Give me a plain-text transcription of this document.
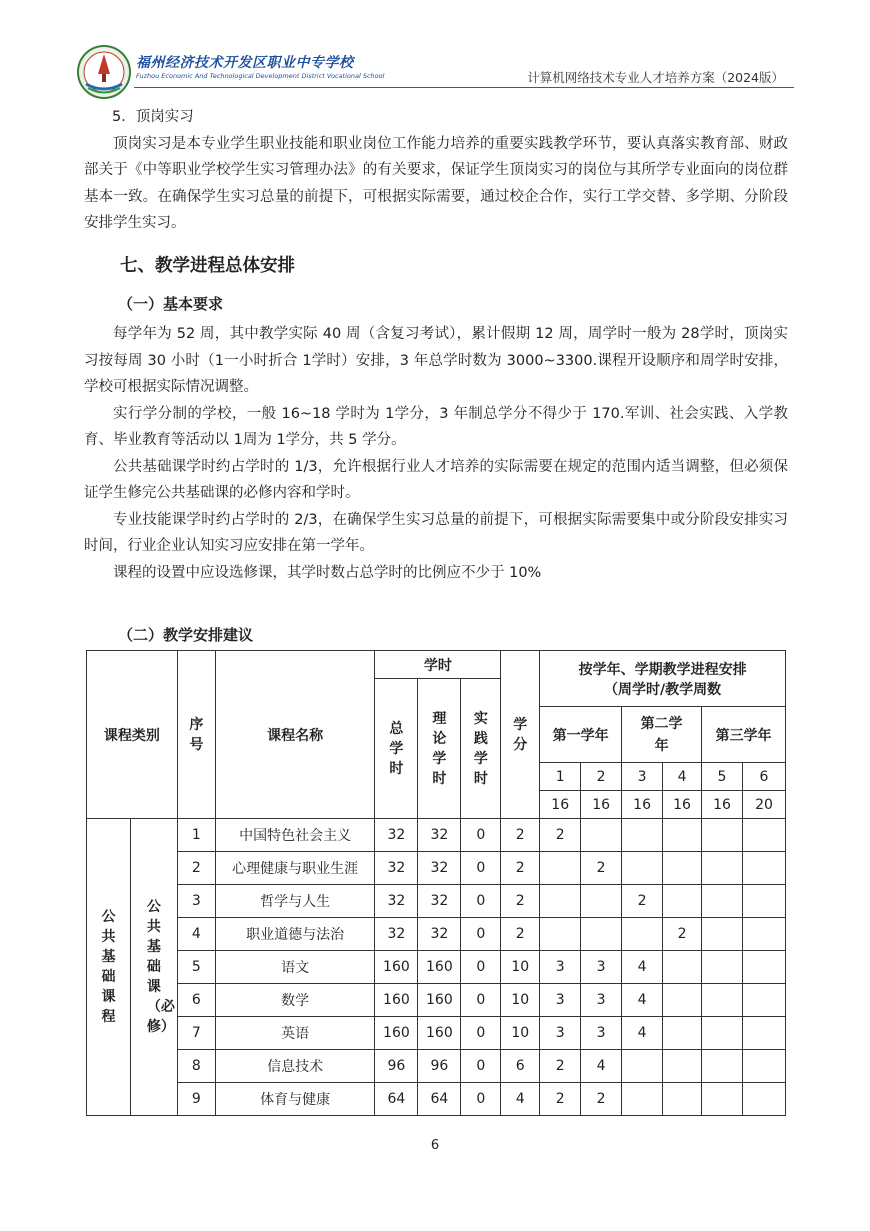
福州经济技术开发区职业中专学校
Fuzhou Economic And Technological Development District Vocational School	计算机网络技术专业人才培养方案（2024版）

5．顶岗实习

顶岗实习是本专业学生职业技能和职业岗位工作能力培养的重要实践教学环节，要认真落实教育部、财政部关于《中等职业学校学生实习管理办法》的有关要求，保证学生顶岗实习的岗位与其所学专业面向的岗位群基本一致。在确保学生实习总量的前提下，可根据实际需要，通过校企合作，实行工学交替、多学期、分阶段安排学生实习。

七、教学进程总体安排
（一）基本要求

每学年为 52 周，其中教学实际 40 周（含复习考试），累计假期 12 周，周学时一般为 28学时，顶岗实习按每周 30 小时（1一小时折合 1学时）安排，3 年总学时数为 3000~3300.课程开设顺序和周学时安排，学校可根据实际情况调整。

实行学分制的学校，一般 16~18 学时为 1学分，3 年制总学分不得少于 170.军训、社会实践、入学教育、毕业教育等活动以 1周为 1学分，共 5 学分。

公共基础课学时约占学时的 1/3，允许根据行业人才培养的实际需要在规定的范围内适当调整，但必须保证学生修完公共基础课的必修内容和学时。

专业技能课学时约占学时的 2/3，在确保学生实习总量的前提下，可根据实际需要集中或分阶段安排实习时间，行业企业认知实习应安排在第一学年。

课程的设置中应设选修课，其学时数占总学时的比例应不少于 10%

（二）教学安排建议
课程类别		序号	课程名称	学时			学分	按学年、学期教学进程安排
（周学时/教学周数					

				总学时	理论学时	实践学时							

								第一学年		第二学年		第三学年	
								1	2	3	4	5	6
								16	16	16	16	16	20

公共基础课程	公共基础课（必修）	1	中国特色社会主义	32	32	0	2	2					
		2	心理健康与职业生涯	32	32	0	2		2				
		3	哲学与人生	32	32	0	2			2			
		4	职业道德与法治	32	32	0	2				2		
		5	语文	160	160	0	10	3	3	4			
		6	数学	160	160	0	10	3	3	4			
		7	英语	160	160	0	10	3	3	4			
		8	信息技术	96	96	0	6	2	4				
		9	体育与健康	64	64	0	4	2	2				
6
